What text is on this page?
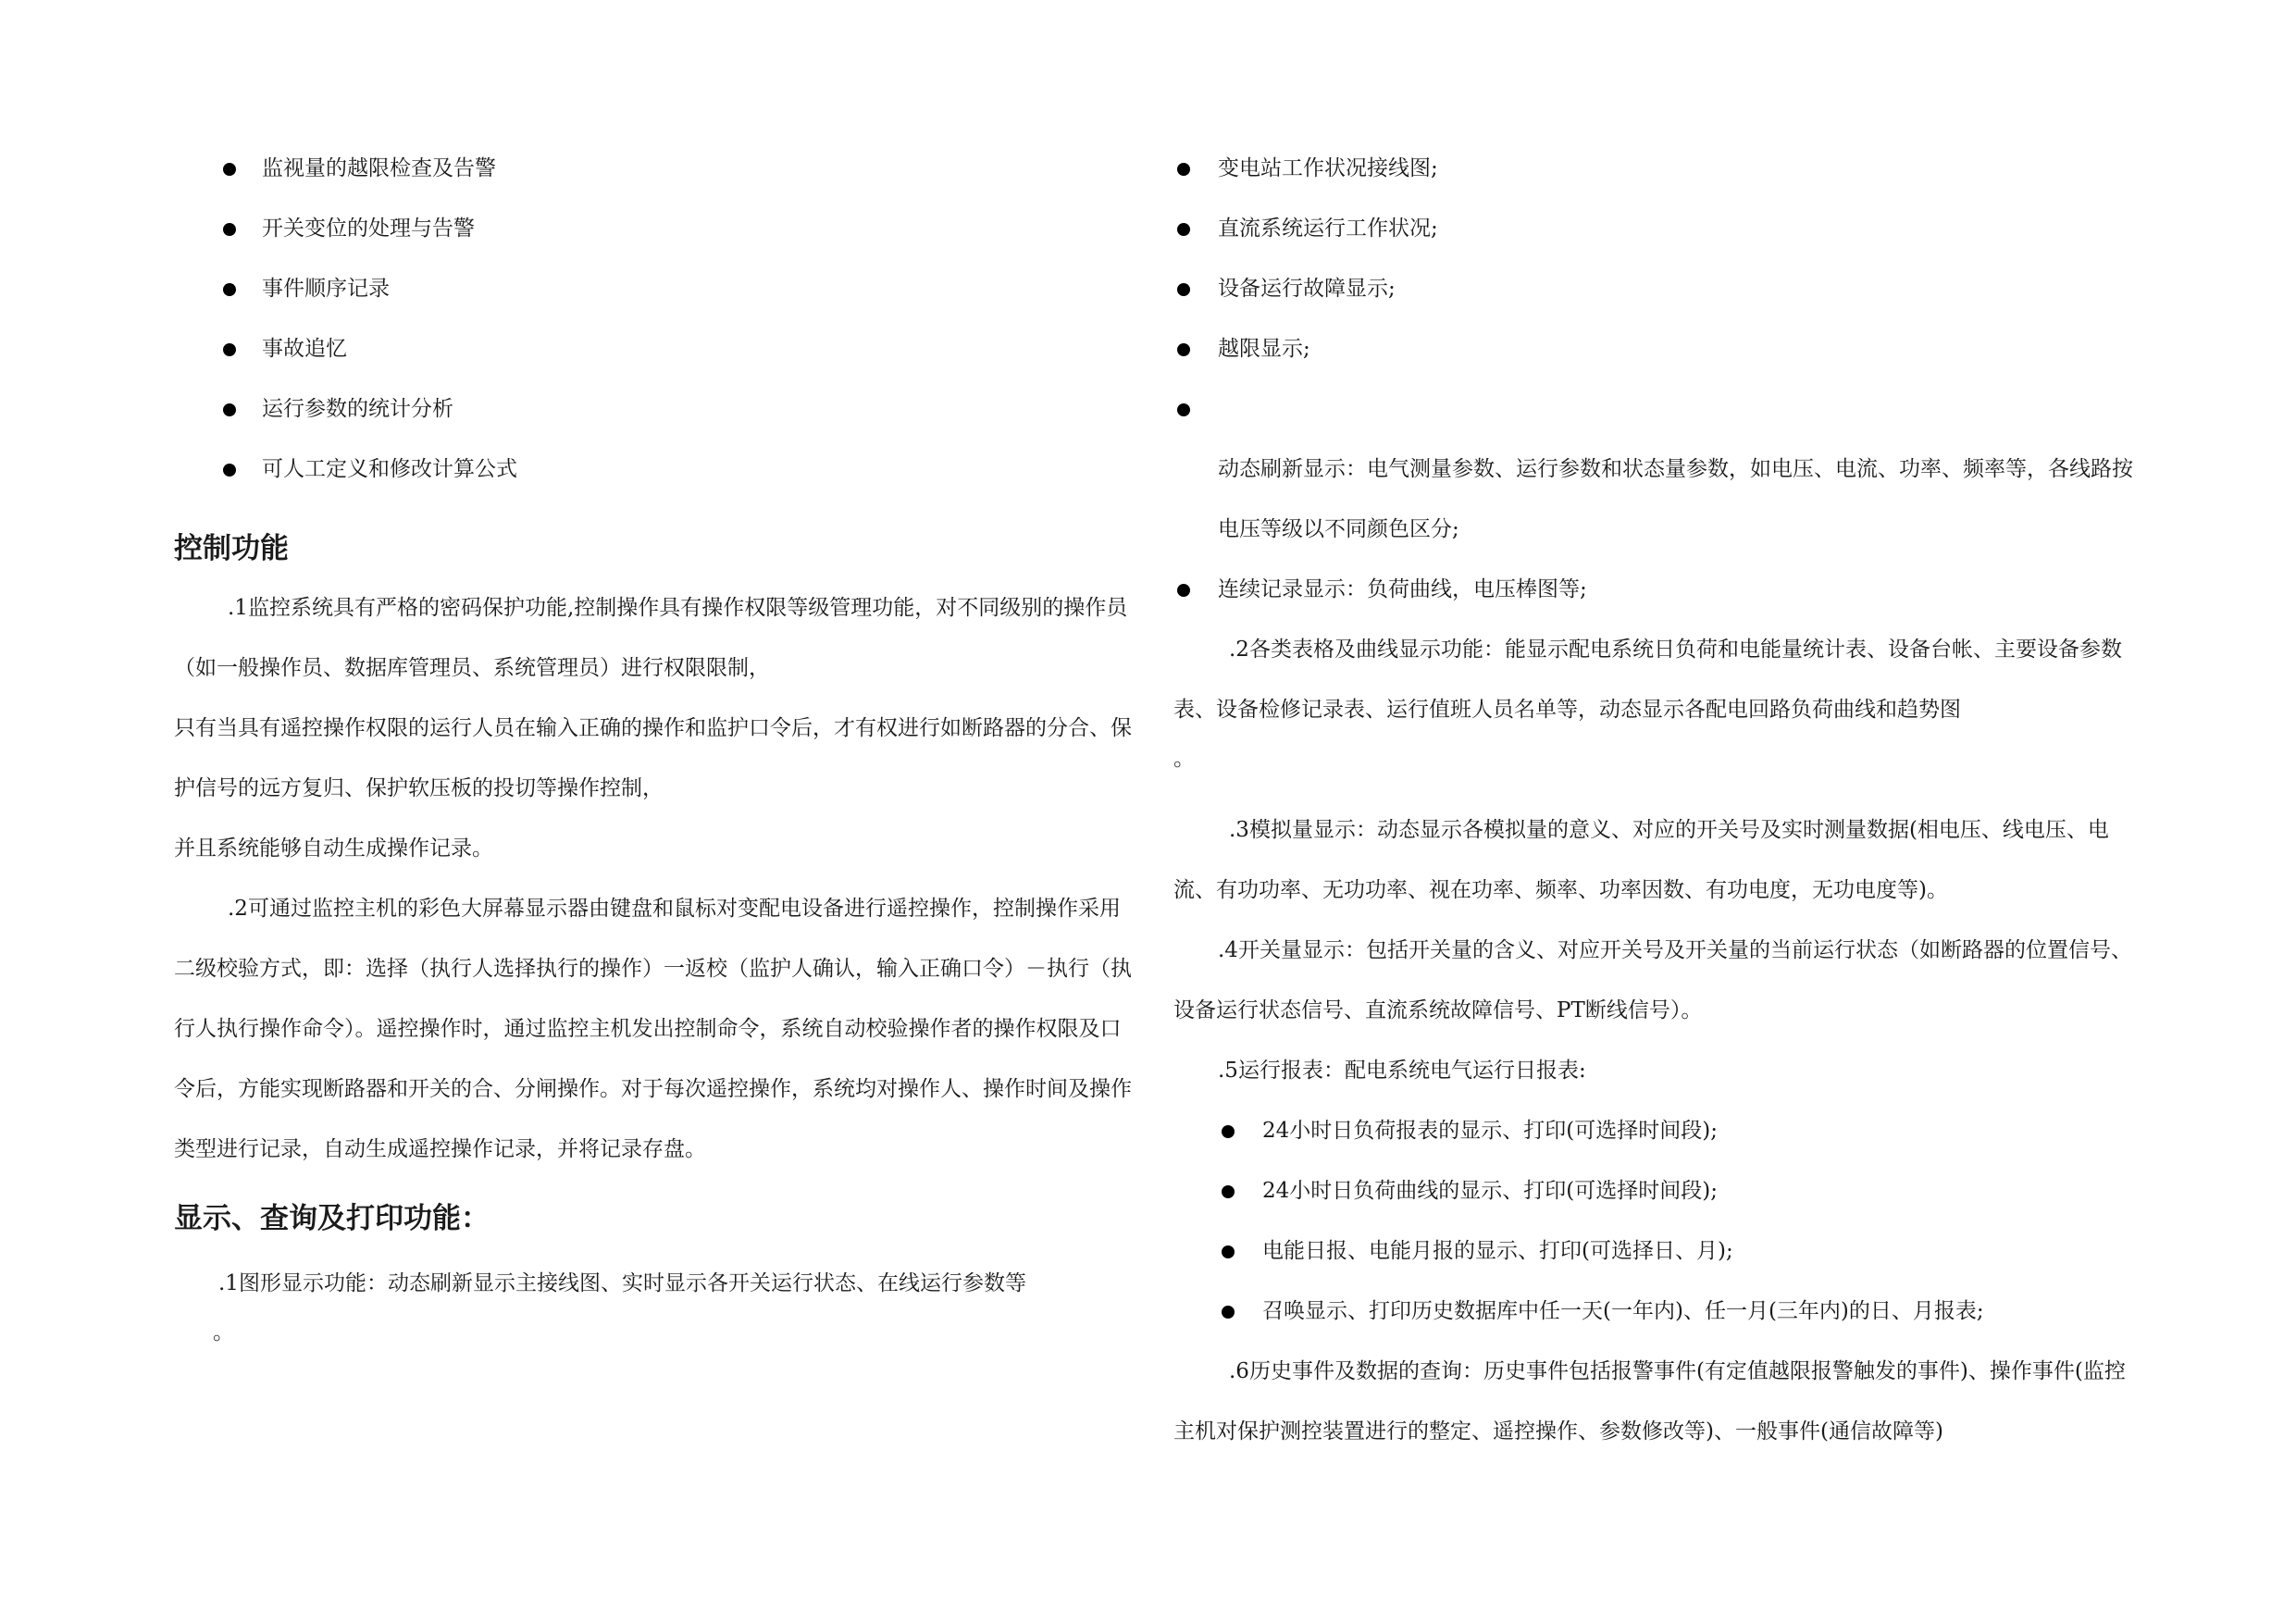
监视量的越限检查及告警
开关变位的处理与告警
事件顺序记录
事故追忆
运行参数的统计分析
可人工定义和修改计算公式
控制功能

.1监控系统具有严格的密码保护功能,控制操作具有操作权限等级管理功能，对不同级别的操作员（如一般操作员、数据库管理员、系统管理员）进行权限限制，

只有当具有遥控操作权限的运行人员在输入正确的操作和监护口令后，才有权进行如断路器的分合、保护信号的远方复归、保护软压板的投切等操作控制，

并且系统能够自动生成操作记录。

.2可通过监控主机的彩色大屏幕显示器由键盘和鼠标对变配电设备进行遥控操作，控制操作采用二级校验方式，即：选择（执行人选择执行的操作）一返校（监护人确认，输入正确口令）－执行（执行人执行操作命令）。遥控操作时，通过监控主机发出控制命令，系统自动校验操作者的操作权限及口令后，方能实现断路器和开关的合、分闸操作。对于每次遥控操作，系统均对操作人、操作时间及操作类型进行记录，自动生成遥控操作记录，并将记录存盘。

显示、查询及打印功能：

.1图形显示功能：动态刷新显示主接线图、实时显示各开关运行状态、在线运行参数等

。

变电站工作状况接线图;
直流系统运行工作状况;
设备运行故障显示;
越限显示;

动态刷新显示：电气测量参数、运行参数和状态量参数，如电压、电流、功率、频率等，各线路按电压等级以不同颜色区分;

连续记录显示：负荷曲线，电压棒图等;

.2各类表格及曲线显示功能：能显示配电系统日负荷和电能量统计表、设备台帐、主要设备参数表、设备检修记录表、运行值班人员名单等，动态显示各配电回路负荷曲线和趋势图

。

.3模拟量显示：动态显示各模拟量的意义、对应的开关号及实时测量数据(相电压、线电压、电流、有功功率、无功功率、视在功率、频率、功率因数、有功电度，无功电度等)。

.4开关量显示：包括开关量的含义、对应开关号及开关量的当前运行状态（如断路器的位置信号、设备运行状态信号、直流系统故障信号、PT断线信号）。

.5运行报表：配电系统电气运行日报表:

24小时日负荷报表的显示、打印(可选择时间段);
24小时日负荷曲线的显示、打印(可选择时间段);
电能日报、电能月报的显示、打印(可选择日、月);
召唤显示、打印历史数据库中任一天(一年内)、任一月(三年内)的日、月报表;

.6历史事件及数据的查询：历史事件包括报警事件(有定值越限报警触发的事件)、操作事件(监控主机对保护测控装置进行的整定、遥控操作、参数修改等)、一般事件(通信故障等)
